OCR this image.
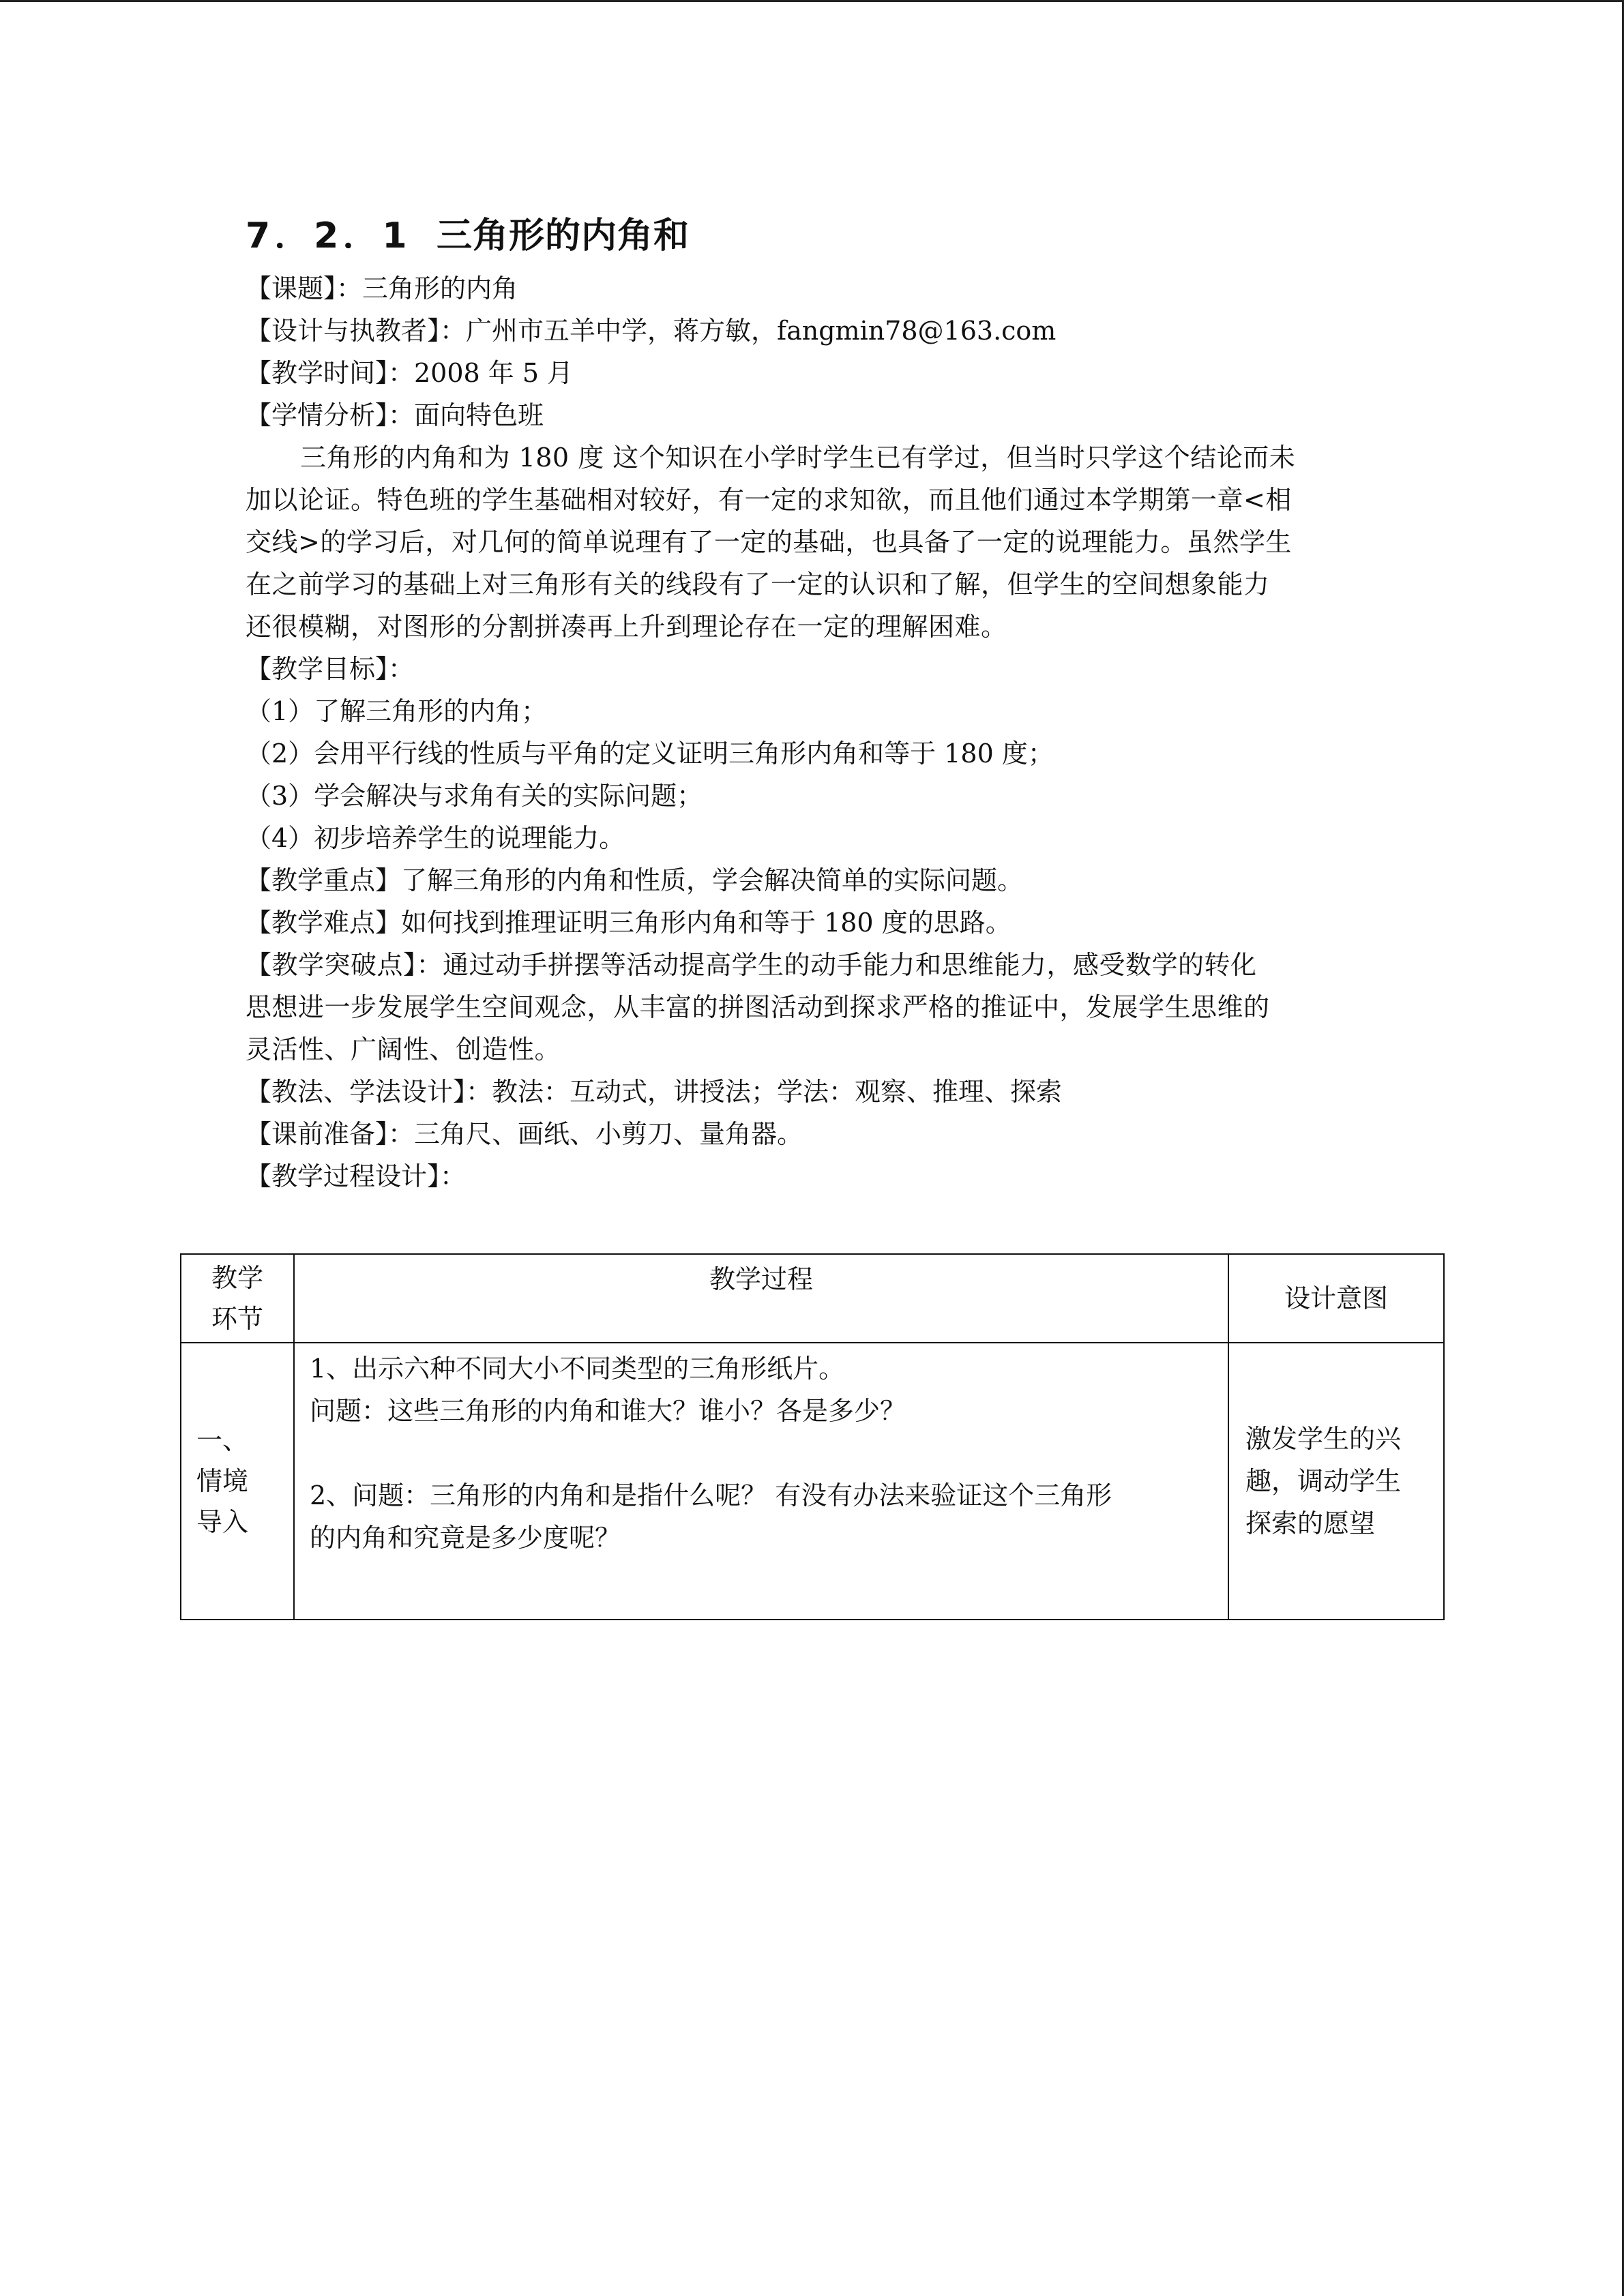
7．2．1 三角形的内角和
【课题】：三角形的内角
【设计与执教者】：广州市五羊中学，蒋方敏，fangmin78@163.com
【教学时间】：2008 年 5 月
【学情分析】：面向特色班
三角形的内角和为 180 度 这个知识在小学时学生已有学过，但当时只学这个结论而未
加以论证。特色班的学生基础相对较好，有一定的求知欲，而且他们通过本学期第一章<相
交线>的学习后，对几何的简单说理有了一定的基础，也具备了一定的说理能力。虽然学生
在之前学习的基础上对三角形有关的线段有了一定的认识和了解，但学生的空间想象能力
还很模糊，对图形的分割拼凑再上升到理论存在一定的理解困难。
【教学目标】：
（1）了解三角形的内角；
（2）会用平行线的性质与平角的定义证明三角形内角和等于 180 度；
（3）学会解决与求角有关的实际问题；
（4）初步培养学生的说理能力。
【教学重点】了解三角形的内角和性质，学会解决简单的实际问题。
【教学难点】如何找到推理证明三角形内角和等于 180 度的思路。
【教学突破点】：通过动手拼摆等活动提高学生的动手能力和思维能力，感受数学的转化
思想进一步发展学生空间观念，从丰富的拼图活动到探求严格的推证中，发展学生思维的
灵活性、广阔性、创造性。
【教法、学法设计】：教法：互动式，讲授法；学法：观察、推理、探索
【课前准备】：三角尺、画纸、小剪刀、量角器。
【教学过程设计】：
教学
环节	教学过程	设计意图

一、
情境
导入	1、出示六种不同大小不同类型的三角形纸片。
问题：这些三角形的内角和谁大？谁小？各是多少？
2、问题：三角形的内角和是指什么呢？ 有没有办法来验证这个三角形
的内角和究竟是多少度呢？	激发学生的兴
趣，调动学生
探索的愿望
